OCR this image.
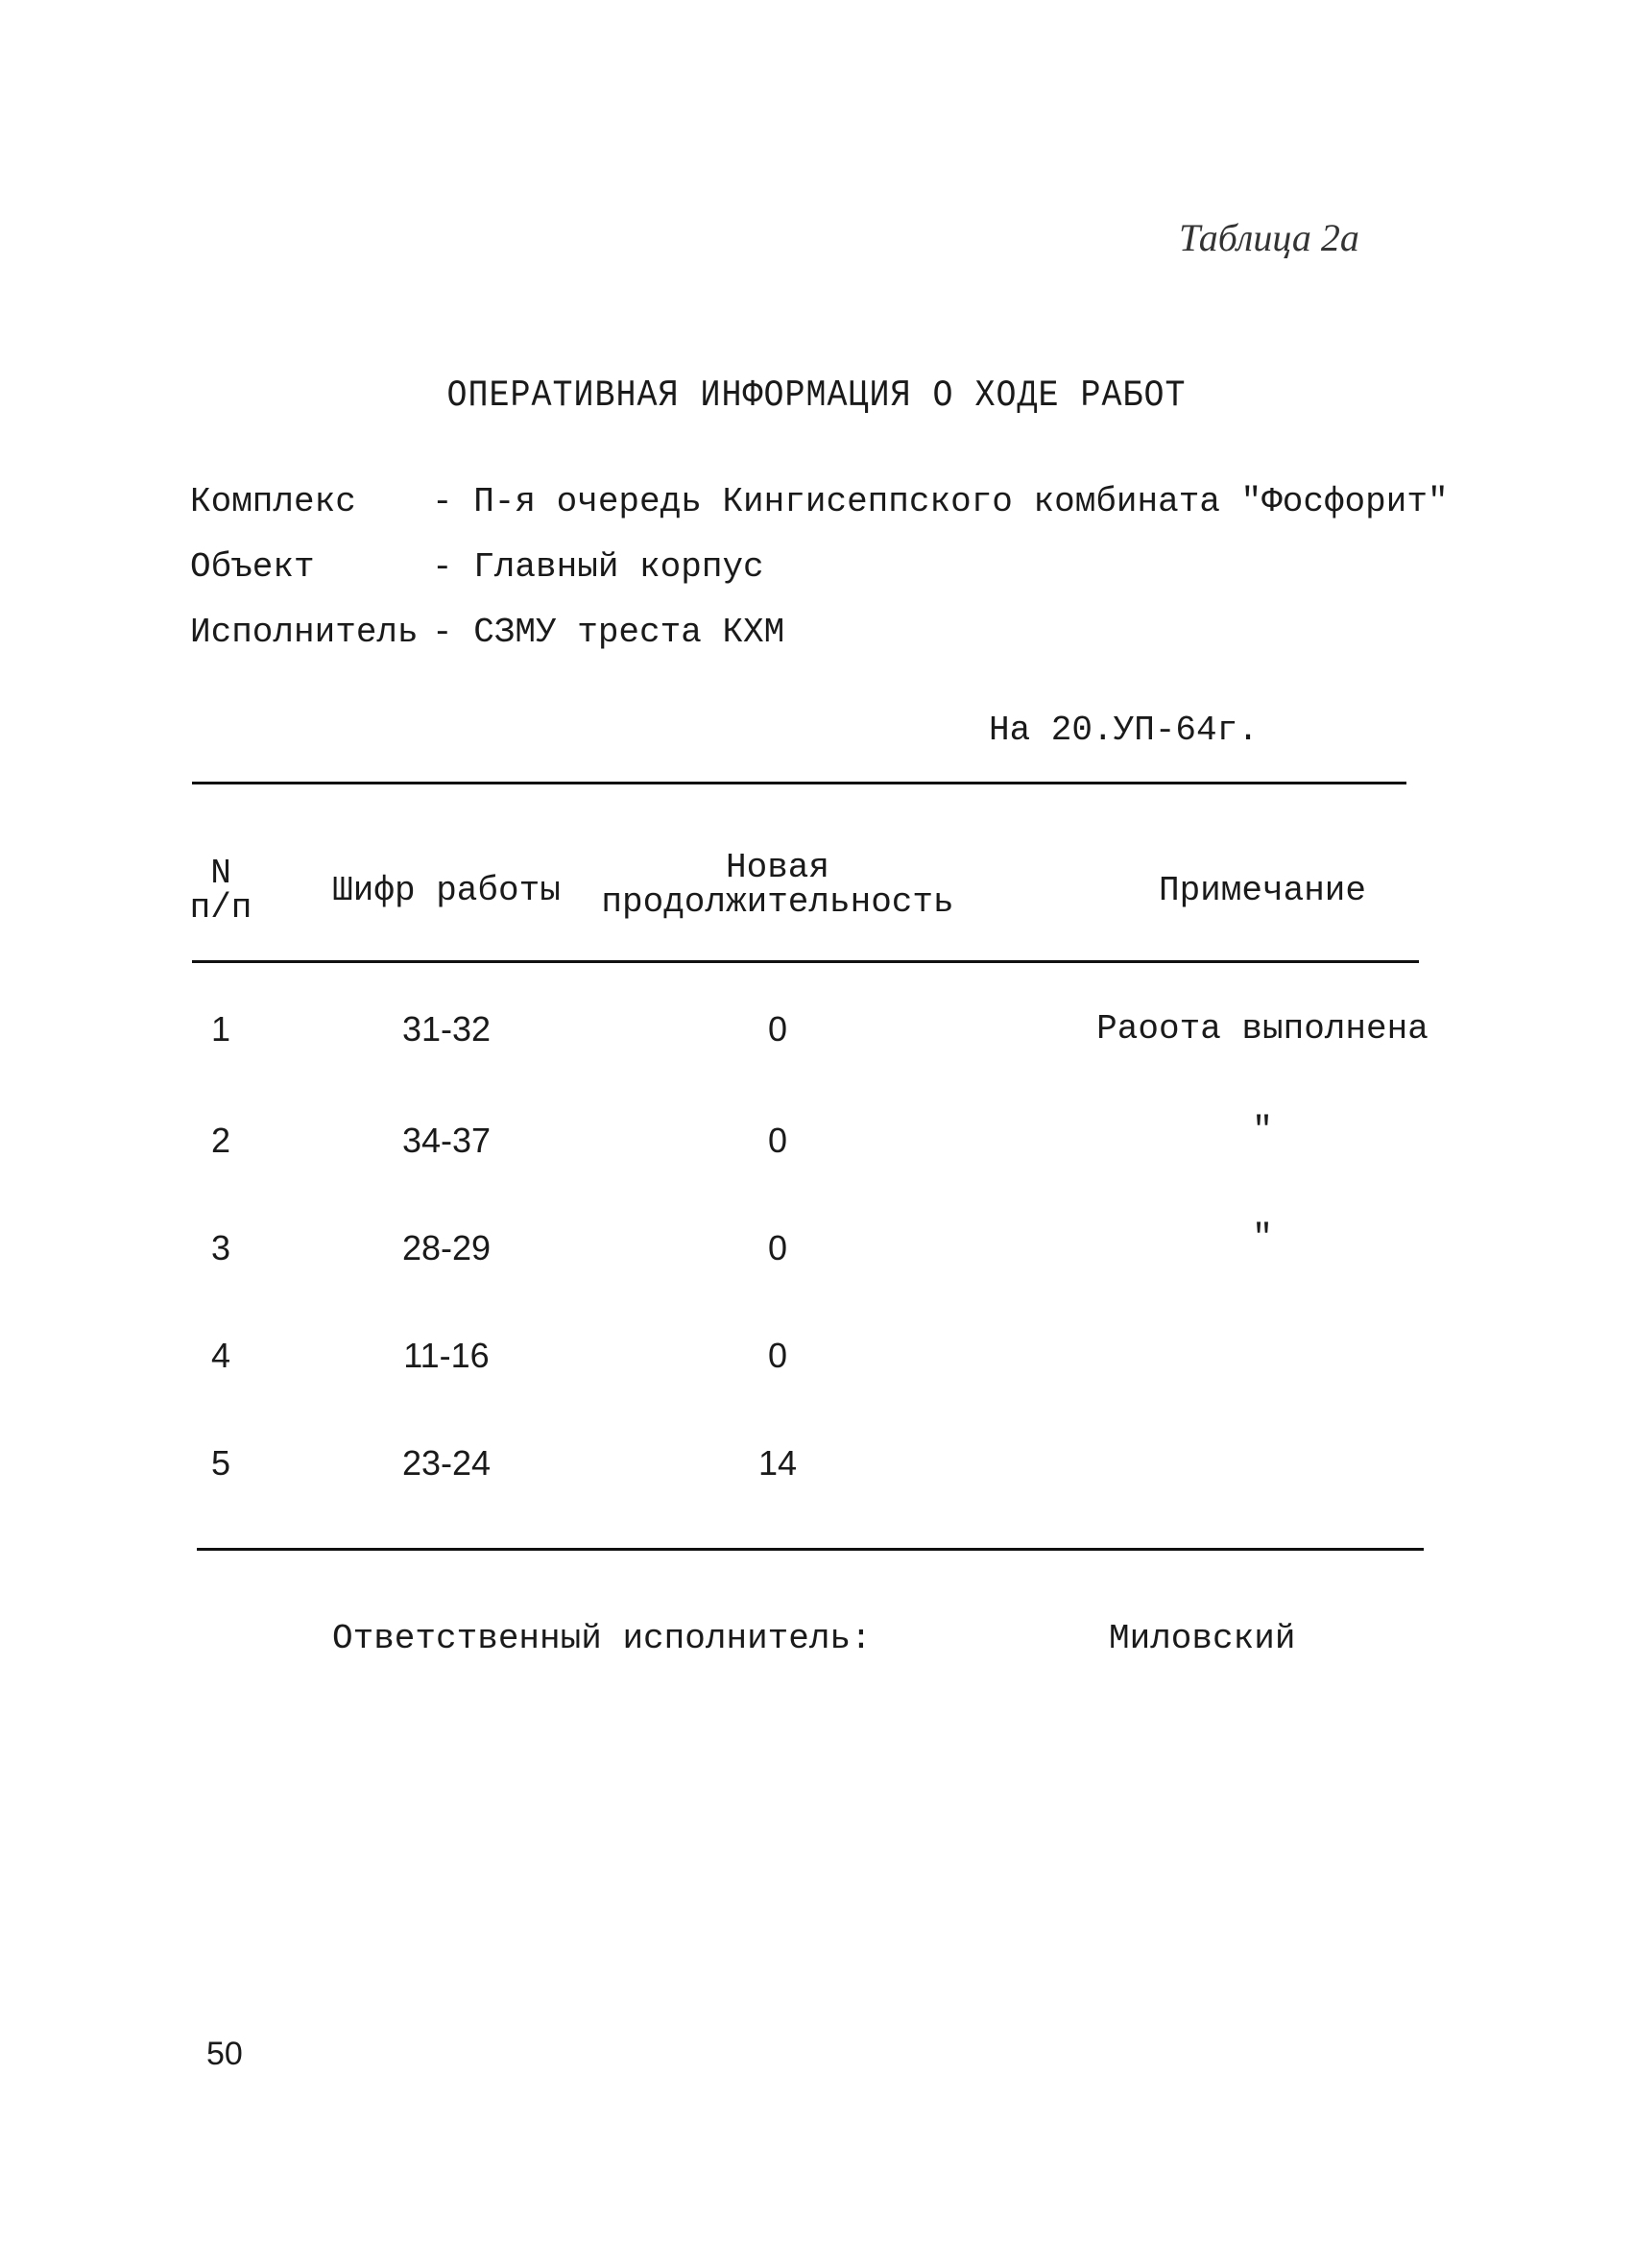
Таблица 2а
ОПЕРАТИВНАЯ ИНФОРМАЦИЯ О ХОДЕ РАБОТ
Комплекс - П-я очередь Кингисеппского комбината "Фосфорит"
Объект	- Главный корпус
Исполнитель - СЗМУ треста КХМ
На 20.УП-64г.
N
п/п	Шифр работы
Новая
продолжительность	Примечание
1	31-32	0	Раоота выполнена
2	34-37	0	"
3	28-29	0	"
4	11-16	0
5	23-24	14
Ответственный исполнитель:	Миловский
50
